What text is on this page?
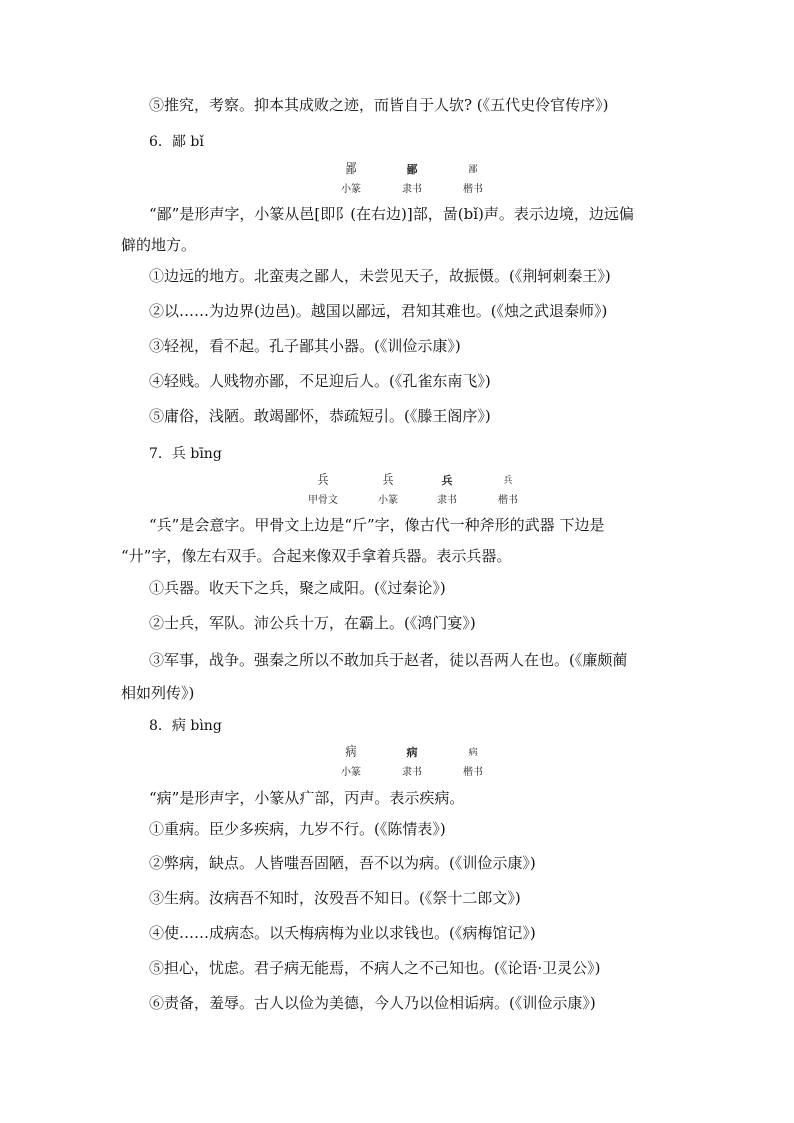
⑤推究，考察。抑本其成败之迹，而皆自于人欤? (《五代史伶官传序》)
6．鄙 bǐ
鄙	鄙	鄙
小篆	隶书	楷书
“鄙”是形声字，小篆从邑[即阝(在右边)]部，啚(bǐ)声。表示边境，边远偏
僻的地方。
①边远的地方。北蛮夷之鄙人，未尝见天子，故振慑。(《荆轲刺秦王》)
②以……为边界(边邑)。越国以鄙远，君知其难也。(《烛之武退秦师》)
③轻视，看不起。孔子鄙其小器。(《训俭示康》)
④轻贱。人贱物亦鄙，不足迎后人。(《孔雀东南飞》)
⑤庸俗，浅陋。敢竭鄙怀，恭疏短引。(《滕王阁序》)
7．兵 bīng
兵	兵	兵	兵
甲骨文	小篆	隶书	楷书
“兵”是会意字。甲骨文上边是“斤”字，像古代一种斧形的武器 下边是
“廾”字，像左右双手。合起来像双手拿着兵器。表示兵器。
①兵器。收天下之兵，聚之咸阳。(《过秦论》)
②士兵，军队。沛公兵十万，在霸上。(《鸿门宴》)
③军事，战争。强秦之所以不敢加兵于赵者，徒以吾两人在也。(《廉颇蔺
相如列传》)
8．病 bìng
病	病	病
小篆	隶书	楷书
“病”是形声字，小篆从疒部，丙声。表示疾病。
①重病。臣少多疾病，九岁不行。(《陈情表》)
②弊病，缺点。人皆嗤吾固陋，吾不以为病。(《训俭示康》)
③生病。汝病吾不知时，汝殁吾不知日。(《祭十二郎文》)
④使……成病态。以夭梅病梅为业以求钱也。(《病梅馆记》)
⑤担心，忧虑。君子病无能焉，不病人之不己知也。(《论语·卫灵公》)
⑥责备，羞辱。古人以俭为美德，今人乃以俭相诟病。(《训俭示康》)
